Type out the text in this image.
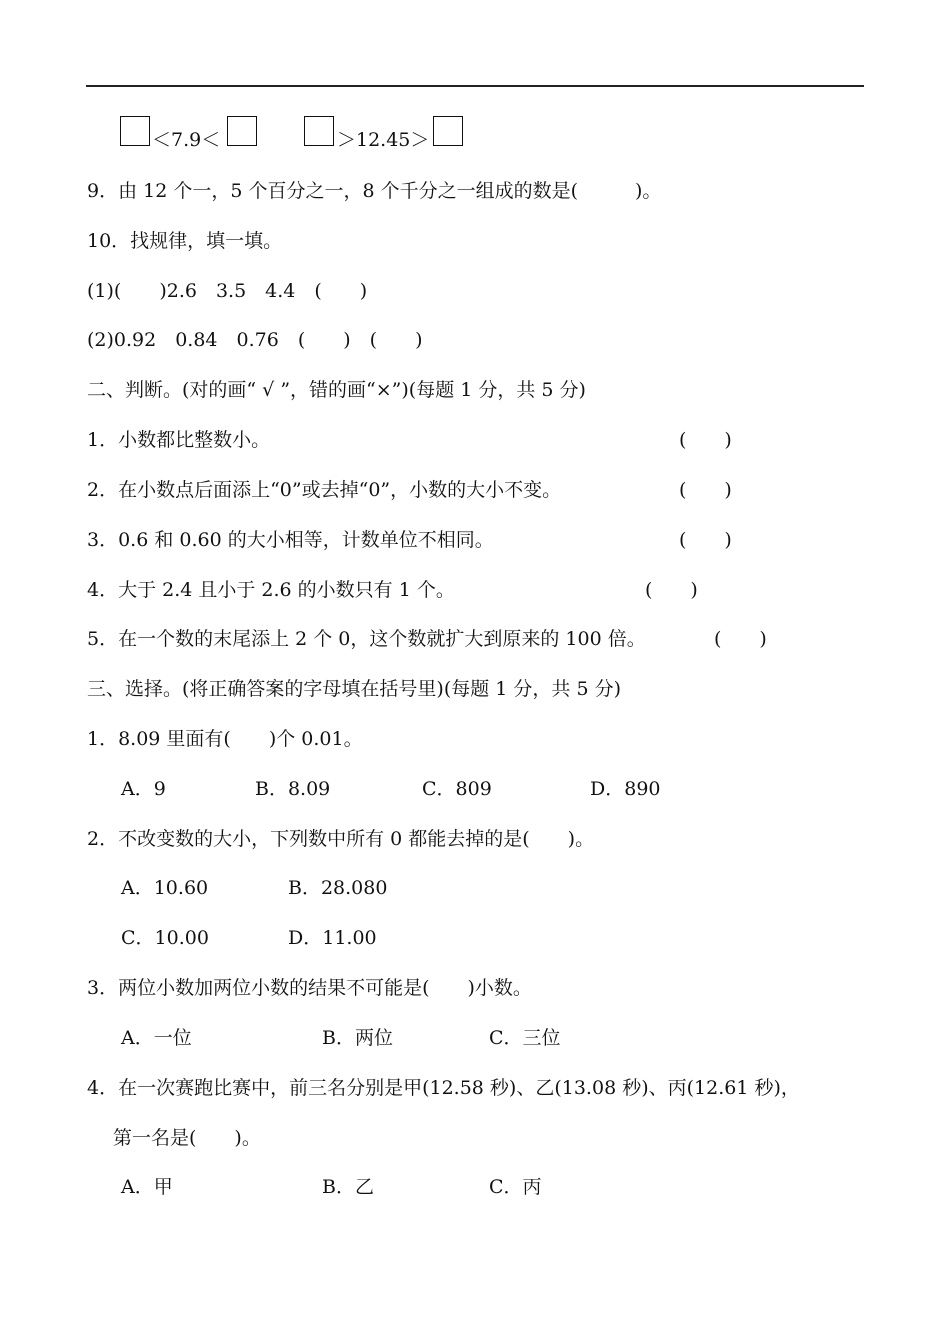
＜7.9＜	＞12.45＞
9．由 12 个一，5 个百分之一，8 个千分之一组成的数是(　　　)。
10．找规律，填一填。
(1)(　　)2.6　3.5　4.4　(　　)
(2)0.92　0.84　0.76　(　　)　(　　)
二、判断。(对的画“ √ ”，错的画“×”)(每题 1 分，共 5 分)
1．小数都比整数小。	(　　)
2．在小数点后面添上“0”或去掉“0”，小数的大小不变。	(　　)
3．0.6 和 0.60 的大小相等，计数单位不相同。	(　　)
4．大于 2.4 且小于 2.6 的小数只有 1 个。	(　　)
5．在一个数的末尾添上 2 个 0，这个数就扩大到原来的 100 倍。	(　　)
三、选择。(将正确答案的字母填在括号里)(每题 1 分，共 5 分)
1．8.09 里面有(　　)个 0.01。
A．9	B．8.09	C．809	D．890
2．不改变数的大小，下列数中所有 0 都能去掉的是(　　)。
A．10.60	B．28.080
C．10.00	D．11.00
3．两位小数加两位小数的结果不可能是(　　)小数。
A．一位	B．两位	C．三位
4．在一次赛跑比赛中，前三名分别是甲(12.58 秒)、乙(13.08 秒)、丙(12.61 秒)，
第一名是(　　)。
A．甲	B．乙	C．丙
